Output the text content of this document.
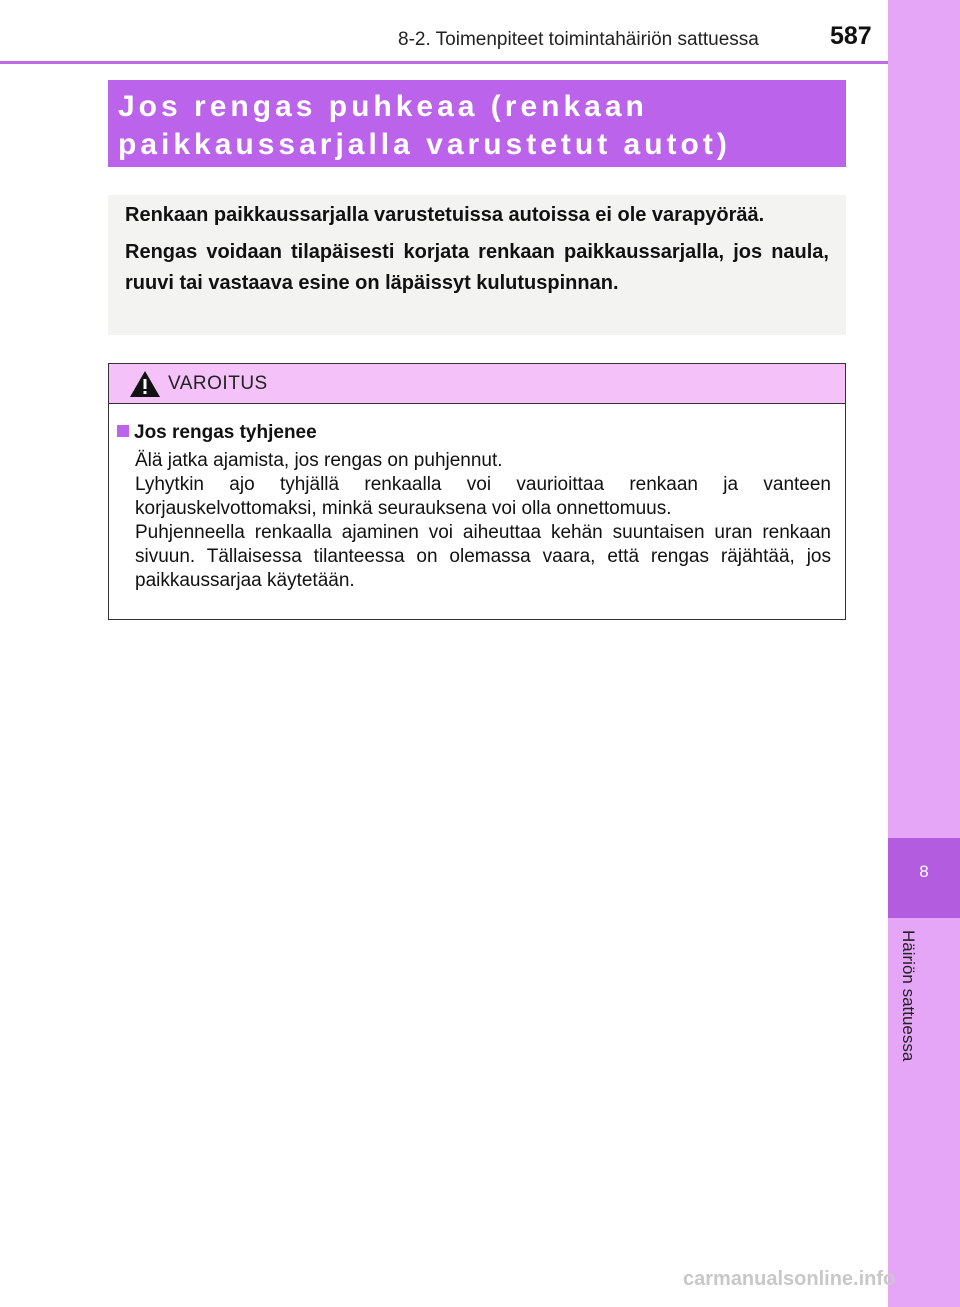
8-2. Toimenpiteet toimintahäiriön sattuessa	587
8
Häiriön sattuessa
Jos rengas puhkeaa (renkaan
paikkaussarjalla varustetut autot)

Renkaan paikkaussarjalla varustetuissa autoissa ei ole varapyörää.

Rengas voidaan tilapäisesti korjata renkaan paikkaussarjalla, jos naula, ruuvi tai vastaava esine on läpäissyt kulutuspinnan.

VAROITUS
Jos rengas tyhjenee
Älä jatka ajamista, jos rengas on puhjennut.
Lyhytkin ajo tyhjällä renkaalla voi vaurioittaa renkaan ja vanteen korjauskelvottomaksi, minkä seurauksena voi olla onnettomuus.
Puhjenneella renkaalla ajaminen voi aiheuttaa kehän suuntaisen uran renkaan sivuun. Tällaisessa tilanteessa on olemassa vaara, että rengas räjähtää, jos paikkaussarjaa käytetään.
carmanualsonline.info
